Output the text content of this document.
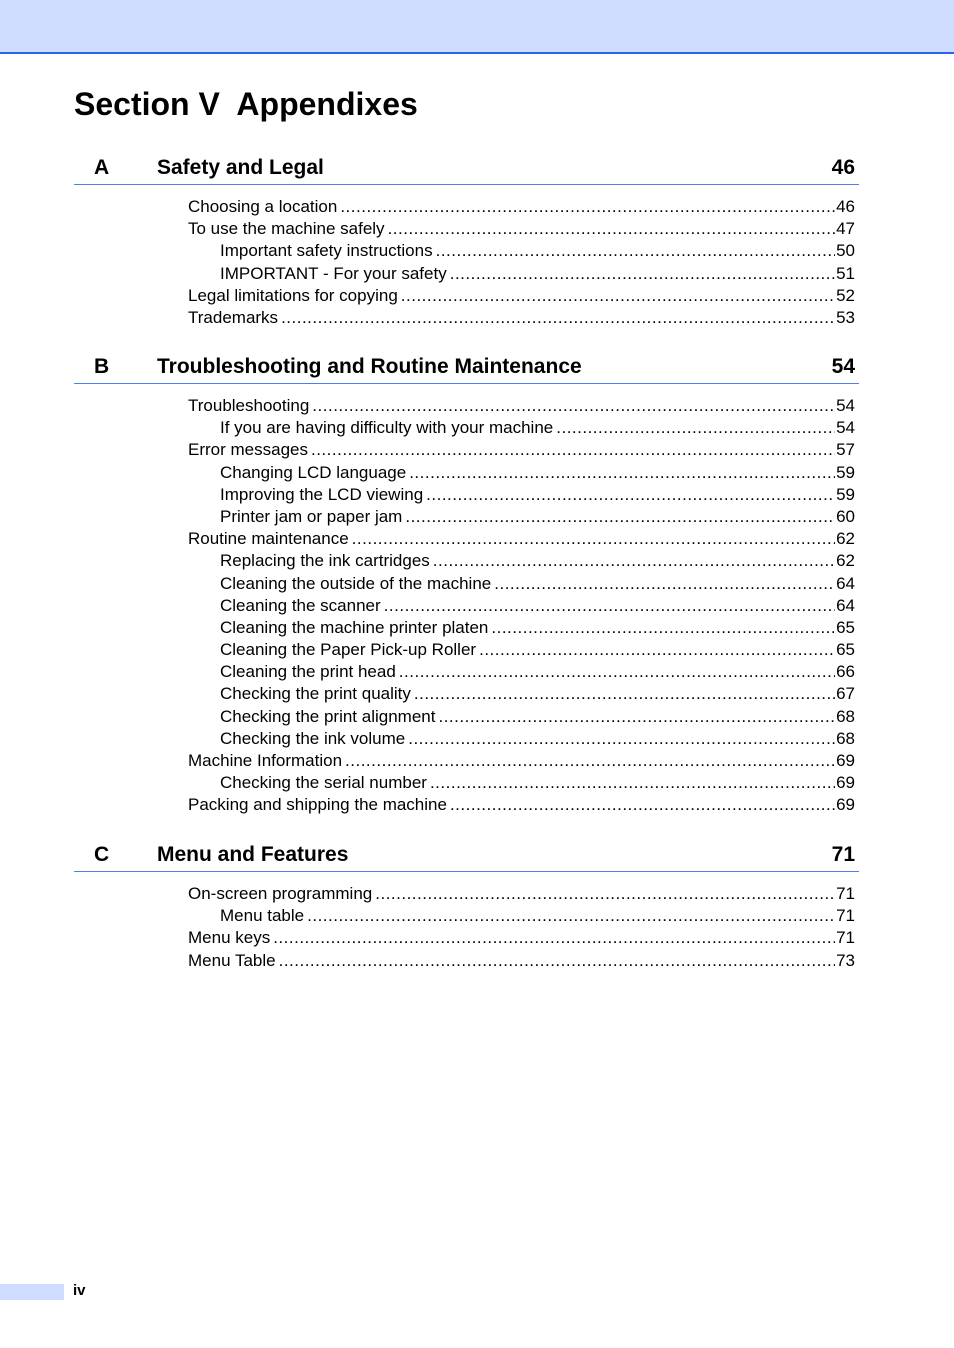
Section V  Appendixes
A Safety and Legal	46
Choosing a location .....	46
To use the machine safely .....	47
Important safety instructions .....	50
IMPORTANT - For your safety .....	51
Legal limitations for copying .....	52
Trademarks .....	53
B Troubleshooting and Routine Maintenance	54
Troubleshooting .....	54
If you are having difficulty with your machine .....	54
Error messages .....	57
Changing LCD language .....	59
Improving the LCD viewing .....	59
Printer jam or paper jam .....	60
Routine maintenance .....	62
Replacing the ink cartridges .....	62
Cleaning the outside of the machine .....	64
Cleaning the scanner .....	64
Cleaning the machine printer platen .....	65
Cleaning the Paper Pick-up Roller .....	65
Cleaning the print head .....	66
Checking the print quality .....	67
Checking the print alignment .....	68
Checking the ink volume .....	68
Machine Information .....	69
Checking the serial number .....	69
Packing and shipping the machine .....	69
C Menu and Features	71
On-screen programming .....	71
Menu table .....	71
Menu keys .....	71
Menu Table .....	73
iv
